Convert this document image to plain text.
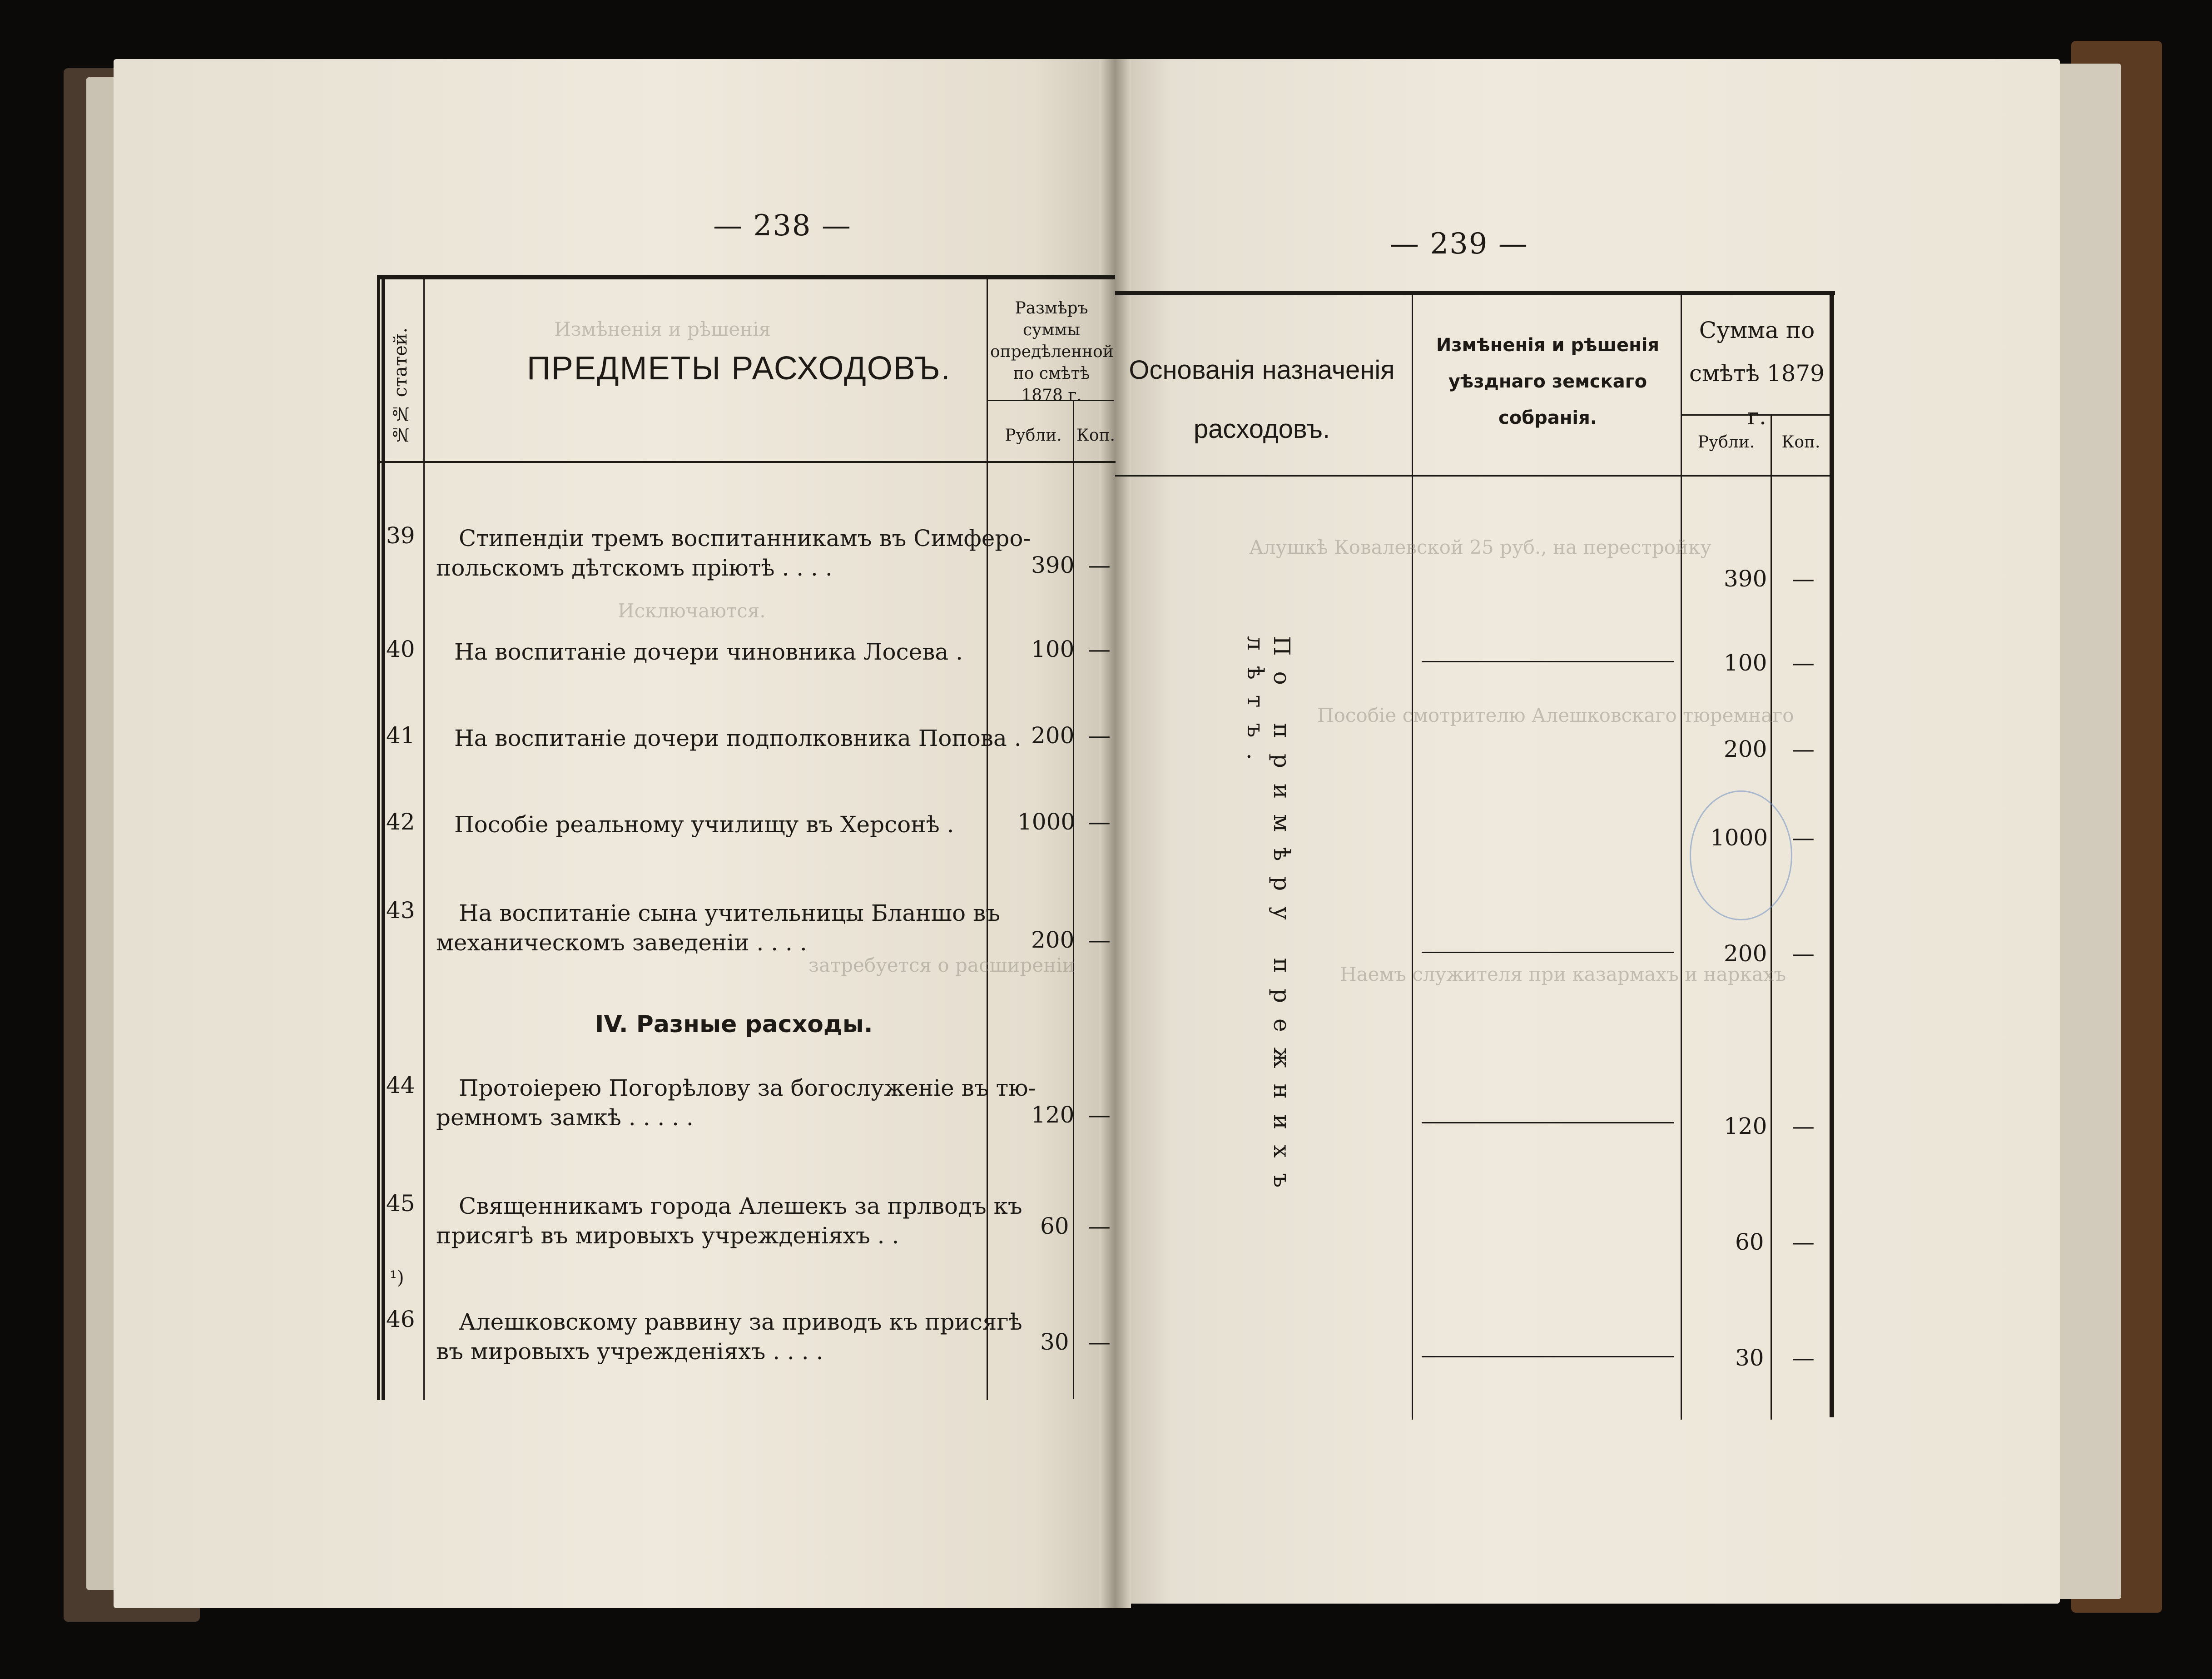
— 238 —
№№ статей.	ПРЕДМЕТЫ РАСХОДОВЪ.
Размѣръ суммы опредѣленной по смѣтѣ 1878 г.
Рубли. Коп.
Измѣненія и рѣшенія
Исключаются.
затребуется о расширеніи
39 Стипендіи тремъ воспитанникамъ въ Симферо-
польскомъ дѣтскомъ пріютѣ . . . .	390 —
40 На воспитаніе дочери чиновника Лосева .	100 —
41 На воспитаніе дочери подполковника Попова . 200 —
42 Пособіе реальному училищу въ Херсонѣ .	1000 —
43 На воспитаніе сына учительницы Бланшо въ
механическомъ заведеніи . . . .	200 —
IV. Разные расходы.
44 Протоіерею Погорѣлову за богослуженіе въ тю-
ремномъ замкѣ . . . . .	120 —
45 Священникамъ города Алешекъ за прлводъ къ
присягѣ въ мировыхъ учрежденіяхъ . .	60 —
¹)
46 Алешковскому раввину за приводъ къ присягѣ
въ мировыхъ учрежденіяхъ . . . .	30 —
— 239 —
Основанія назначенія расходовъ.
Измѣненія и рѣшенія уѣзднаго земскаго собранія.
Сумма по смѣтѣ 1879 г.
Рубли.	Коп.
По примѣру прежнихъ лѣтъ.
Алушкѣ Ковалевской 25 руб., на перестройку
Пособіе смотрителю Алешковскаго тюремнаго
Наемъ служителя при казармахъ и наркахъ
390 —
100 —
200 —
1000 —
200 —
120 —
60 —
30 —
